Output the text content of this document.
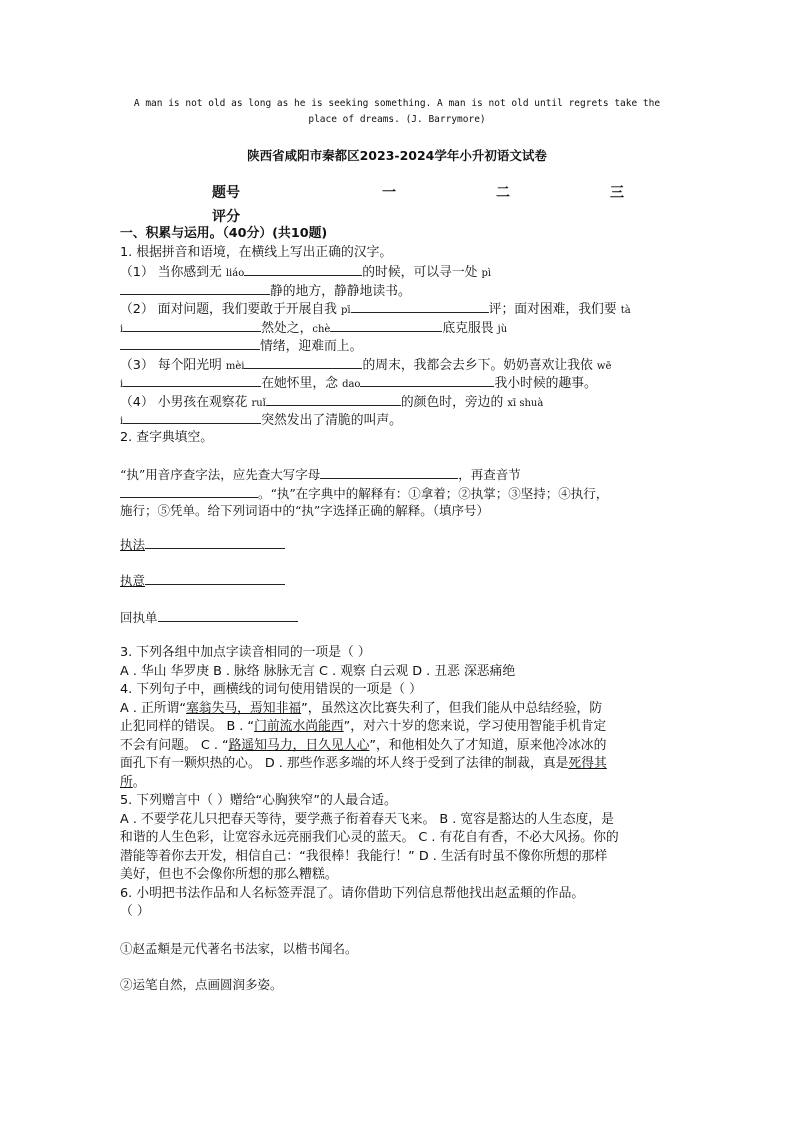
A man is not old as long as he is seeking something. A man is not old until regrets take the place of dreams. (J. Barrymore)
陕西省咸阳市秦都区2023-2024学年小升初语文试卷
题号	一	二	三
评分
一、积累与运用。（40分）(共10题)
1. 根据拼音和语境，在横线上写出正确的汉字。
（1） 当你感到无 liáo	的时候，可以寻一处 pì
静的地方，静静地读书。
（2） 面对问题，我们要敢于开展自我 pī	评；面对困难，我们要 tà
i	然处之，chè	底克服畏 jù
情绪，迎难而上。
（3） 每个阳光明 mèi	的周末，我都会去乡下。奶奶喜欢让我依 wē
i	在她怀里，念 dao	我小时候的趣事。
（4） 小男孩在观察花 ruǐ	的颜色时，旁边的 xī shuà
i	突然发出了清脆的叫声。
2. 查字典填空。
“执”用音序查字法，应先查大写字母	，再查音节
。“执”在字典中的解释有：①拿着；②执掌；③坚持；④执行，
施行；⑤凭单。给下列词语中的“执”字选择正确的解释。（填序号）
执法
执意
回执单
3. 下列各组中加点字读音相同的一项是（ ）
A . 华山 华罗庚 B . 脉络 脉脉无言 C . 观察 白云观 D . 丑恶 深恶痛绝
4. 下列句子中，画横线的词句使用错误的一项是（ ）
A . 正所谓“塞翁失马，焉知非福”，虽然这次比赛失利了，但我们能从中总结经验，防
止犯同样的错误。 B . “门前流水尚能西”，对六十岁的您来说，学习使用智能手机肯定
不会有问题。 C . “路遥知马力，日久见人心”，和他相处久了才知道，原来他冷冰冰的
面孔下有一颗炽热的心。 D . 那些作恶多端的坏人终于受到了法律的制裁，真是死得其
所。
5. 下列赠言中（ ）赠给“心胸狭窄”的人最合适。
A . 不要学花儿只把春天等待，要学燕子衔着春天飞来。 B . 宽容是豁达的人生态度，是
和谐的人生色彩，让宽容永远亮丽我们心灵的蓝天。 C . 有花自有香，不必大风扬。你的
潜能等着你去开发，相信自己：“我很棒！我能行！” D . 生活有时虽不像你所想的那样
美好，但也不会像你所想的那么糟糕。
6. 小明把书法作品和人名标签弄混了。请你借助下列信息帮他找出赵孟頫的作品。
（ ）
①赵孟頫是元代著名书法家，以楷书闻名。
②运笔自然，点画圆润多姿。
